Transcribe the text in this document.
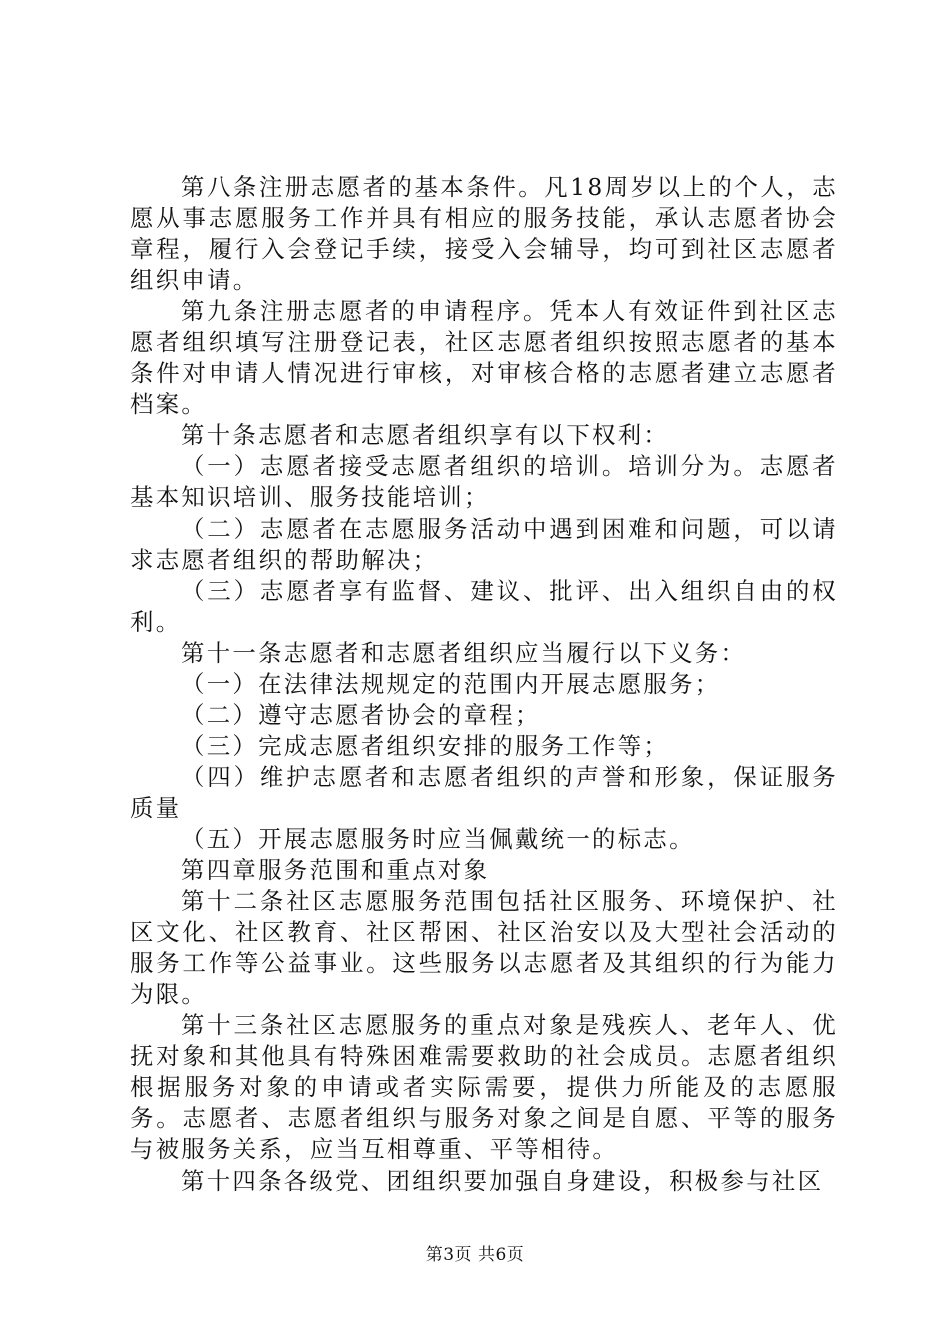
第八条注册志愿者的基本条件。凡18周岁以上的个人，志愿从事志愿服务工作并具有相应的服务技能，承认志愿者协会章程，履行入会登记手续，接受入会辅导，均可到社区志愿者组织申请。

第九条注册志愿者的申请程序。凭本人有效证件到社区志愿者组织填写注册登记表，社区志愿者组织按照志愿者的基本条件对申请人情况进行审核，对审核合格的志愿者建立志愿者档案。

第十条志愿者和志愿者组织享有以下权利：

（一）志愿者接受志愿者组织的培训。培训分为。志愿者基本知识培训、服务技能培训；

（二）志愿者在志愿服务活动中遇到困难和问题，可以请求志愿者组织的帮助解决；

（三）志愿者享有监督、建议、批评、出入组织自由的权利。

第十一条志愿者和志愿者组织应当履行以下义务：

（一）在法律法规规定的范围内开展志愿服务；

（二）遵守志愿者协会的章程；

（三）完成志愿者组织安排的服务工作等；

（四）维护志愿者和志愿者组织的声誉和形象，保证服务质量

（五）开展志愿服务时应当佩戴统一的标志。

第四章服务范围和重点对象

第十二条社区志愿服务范围包括社区服务、环境保护、社区文化、社区教育、社区帮困、社区治安以及大型社会活动的服务工作等公益事业。这些服务以志愿者及其组织的行为能力为限。

第十三条社区志愿服务的重点对象是残疾人、老年人、优抚对象和其他具有特殊困难需要救助的社会成员。志愿者组织根据服务对象的申请或者实际需要，提供力所能及的志愿服务。志愿者、志愿者组织与服务对象之间是自愿、平等的服务与被服务关系，应当互相尊重、平等相待。

第十四条各级党、团组织要加强自身建设，积极参与社区

第3页 共6页
